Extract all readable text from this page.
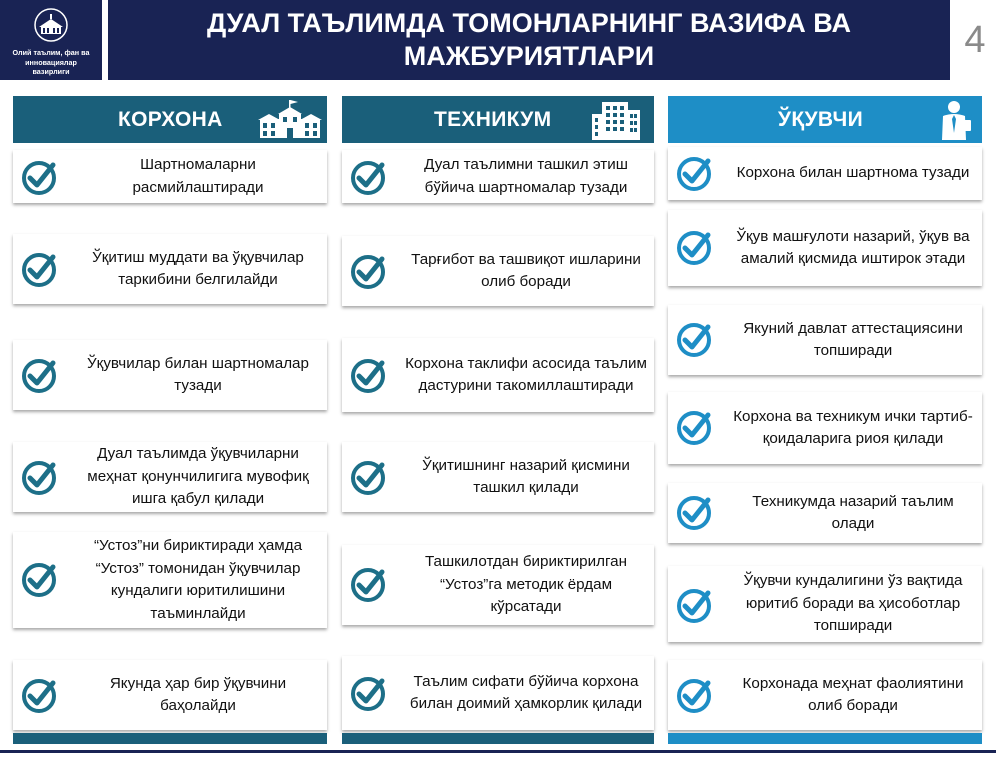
Олий таълим, фан ва
инновациялар
вазирлиги
ДУАЛ ТАЪЛИМДА ТОМОНЛАРНИНГ ВАЗИФА ВА МАЖБУРИЯТЛАРИ	4
КОРХОНА	ТЕХНИКУМ	ЎҚУВЧИ
Шартномаларни расмийлаштиради
Ўқитиш муддати ва ўқувчилар таркибини белгилайди
Ўқувчилар билан шартномалар тузади
Дуал таълимда ўқувчиларни меҳнат қонунчилигига мувофиқ ишга қабул қилади
“Устоз”ни бириктиради ҳамда “Устоз” томонидан ўқувчилар кундалиги юритилишини таъминлайди
Якунда ҳар бир ўқувчини баҳолайди
Дуал таълимни ташкил этиш бўйича шартномалар тузади
Тарғибот ва ташвиқот ишларини олиб боради
Корхона таклифи асосида таълим дастурини такомиллаштиради
Ўқитишнинг назарий қисмини ташкил қилади
Ташкилотдан бириктирилган “Устоз”га методик ёрдам кўрсатади
Таълим сифати бўйича корхона билан доимий ҳамкорлик қилади
Корхона билан шартнома тузади
Ўқув машғулоти назарий, ўқув ва амалий қисмида иштирок этади
Якуний давлат аттестациясини топширади
Корхона ва техникум ички тартиб-қоидаларига риоя қилади
Техникумда назарий таълим олади
Ўқувчи кундалигини ўз вақтида юритиб боради ва ҳисоботлар топширади
Корхонада меҳнат фаолиятини олиб боради
